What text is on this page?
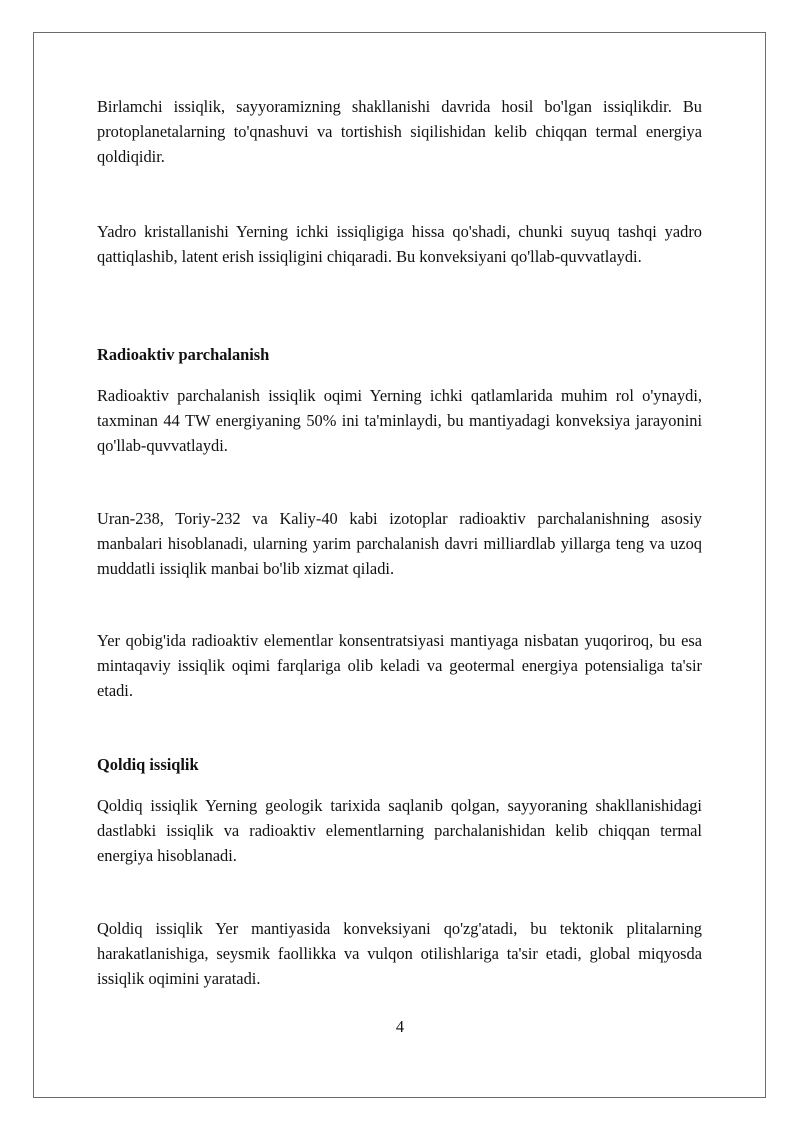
Birlamchi issiqlik, sayyoramizning shakllanishi davrida hosil bo'lgan issiqlikdir. Bu protoplanetalarning to'qnashuvi va tortishish siqilishidan kelib chiqqan termal energiya qoldiqidir.

Yadro kristallanishi Yerning ichki issiqligiga hissa qo'shadi, chunki suyuq tashqi yadro qattiqlashib, latent erish issiqligini chiqaradi. Bu konveksiyani qo'llab-quvvatlaydi.

Radioaktiv parchalanish

Radioaktiv parchalanish issiqlik oqimi Yerning ichki qatlamlarida muhim rol o'ynaydi, taxminan 44 TW energiyaning 50% ini ta'minlaydi, bu mantiyadagi konveksiya jarayonini qo'llab-quvvatlaydi.

Uran-238, Toriy-232 va Kaliy-40 kabi izotoplar radioaktiv parchalanishning asosiy manbalari hisoblanadi, ularning yarim parchalanish davri milliardlab yillarga teng va uzoq muddatli issiqlik manbai bo'lib xizmat qiladi.

Yer qobig'ida radioaktiv elementlar konsentratsiyasi mantiyaga nisbatan yuqoriroq, bu esa mintaqaviy issiqlik oqimi farqlariga olib keladi va geotermal energiya potensialiga ta'sir etadi.

Qoldiq issiqlik

Qoldiq issiqlik Yerning geologik tarixida saqlanib qolgan, sayyoraning shakllanishidagi dastlabki issiqlik va radioaktiv elementlarning parchalanishidan kelib chiqqan termal energiya hisoblanadi.

Qoldiq issiqlik Yer mantiyasida konveksiyani qo'zg'atadi, bu tektonik plitalarning harakatlanishiga, seysmik faollikka va vulqon otilishlariga ta'sir etadi, global miqyosda issiqlik oqimini yaratadi.

4
